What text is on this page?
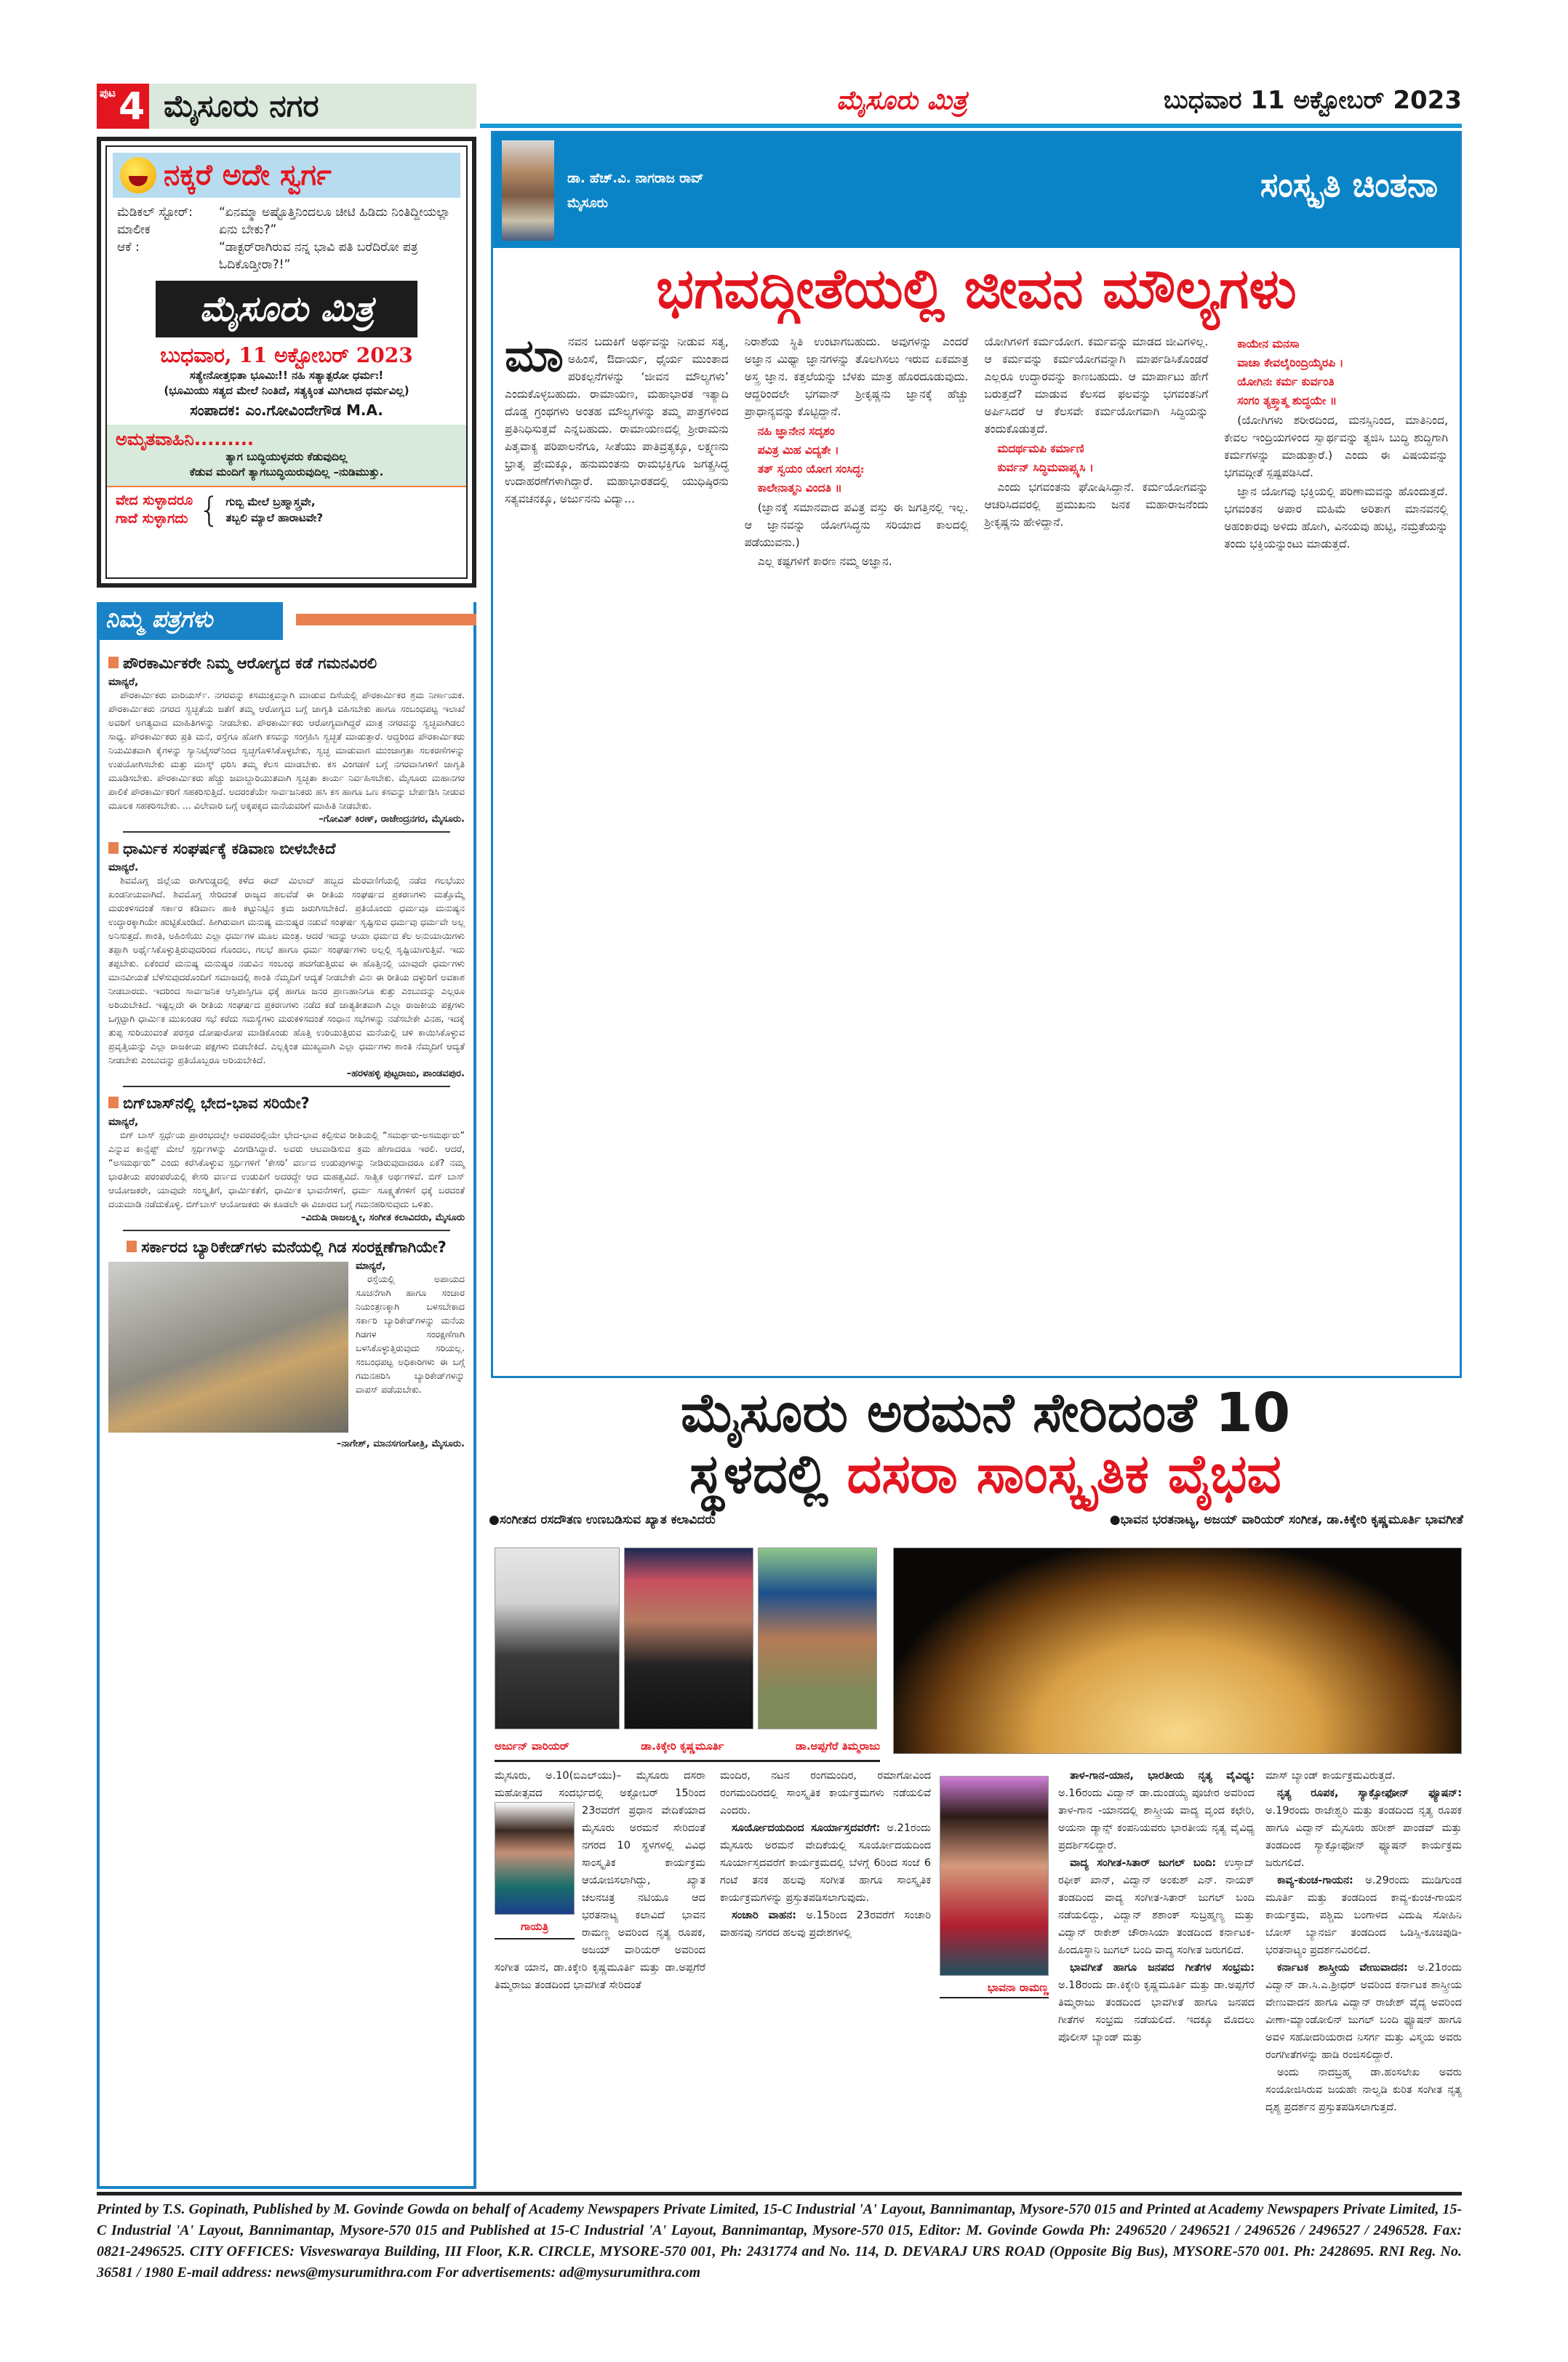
ಪುಟ 4 ಮೈಸೂರು ನಗರ	ಮೈಸೂರು ಮಿತ್ರ	ಬುಧವಾರ 11 ಅಕ್ಟೋಬರ್ 2023
ನಕ್ಕರೆ ಅದೇ ಸ್ವರ್ಗ
ಮೆಡಿಕಲ್ ಸ್ಟೋರ್: ಮಾಲೀಕ
“ಏನಮ್ಮಾ ಅಷ್ಟೊತ್ತಿನಿಂದಲೂ ಚೀಟಿ ಹಿಡಿದು ನಿಂತಿದ್ದೀಯಲ್ಲಾ ಏನು ಬೇಕು?”
ಆಕೆ :	“ಡಾಕ್ಟರ್‌ರಾಗಿರುವ ನನ್ನ ಭಾವಿ ಪತಿ ಬರೆದಿರೋ ಪತ್ರ ಓದಿಕೊಡ್ತೀರಾ?!”
ಮೈಸೂರು ಮಿತ್ರ
ಬುಧವಾರ, 11 ಅಕ್ಟೋಬರ್ 2023
ಸತ್ಯೇನೋತ್ತಭಿತಾ ಭೂಮಿಃ!! ನಹಿ ಸತ್ಯಾತ್ಪರೋ ಧರ್ಮಃ!
(ಭೂಮಿಯು ಸತ್ಯದ ಮೇಲೆ ನಿಂತಿದೆ, ಸತ್ಯಕ್ಕಿಂತ ಮಿಗಿಲಾದ ಧರ್ಮವಿಲ್ಲ)
ಸಂಪಾದಕ: ಎಂ.ಗೋವಿಂದೇಗೌಡ M.A.
ಅಮೃತವಾಹಿನಿ.........
ತ್ಯಾಗ ಬುದ್ಧಿಯುಳ್ಳವರು ಕೆಡುವುದಿಲ್ಲ
ಕೆಡುವ ಮಂದಿಗೆ ತ್ಯಾಗಬುದ್ಧಿಯಿರುವುದಿಲ್ಲ –ನುಡಿಮುತ್ತು.
ವೇದ ಸುಳ್ಳಾದರೂ
ಗಾದೆ ಸುಳ್ಳಾಗದು { ಗುಬ್ಬಿ ಮೇಲೆ ಬ್ರಹ್ಮಾಸ್ತ್ರವೇ,
ತಬ್ಬಲಿ ಮ್ಯಾಲೆ ಹಾರಾಟವೇ?
ನಿಮ್ಮ ಪತ್ರಗಳು
ಪೌರಕಾರ್ಮಿಕರೇ ನಿಮ್ಮ ಆರೋಗ್ಯದ ಕಡೆ ಗಮನವಿರಲಿ
ಮಾನ್ಯರೆ,

ಪೌರಕಾರ್ಮಿಕರು ವಾರಿಯರ್ಸ್. ನಗರವನ್ನು ಕಸಮುಕ್ತವನ್ನಾಗಿ ಮಾಡುವ ದಿಸೆಯಲ್ಲಿ ಪೌರಕಾರ್ಮಿಕರ ಶ್ರಮ ನಿರ್ಣಾಯಕ. ಪೌರಕಾರ್ಮಿಕರು ನಗರದ ಸ್ವಚ್ಛತೆಯ ಜತೆಗೆ ತಮ್ಮ ಆರೋಗ್ಯದ ಬಗ್ಗೆ ಜಾಗೃತಿ ವಹಿಸಬೇಕು ಹಾಗೂ ಸಂಬಂಧಪಟ್ಟ ಇಲಾಖೆ ಅವರಿಗೆ ಅಗತ್ಯವಾದ ಮಾಹಿತಿಗಳನ್ನು ನೀಡಬೇಕು. ಪೌರಕಾರ್ಮಿಕರು ಆರೋಗ್ಯವಾಗಿದ್ದರೆ ಮಾತ್ರ ನಗರವನ್ನು ಸ್ವಚ್ಛವಾಗಿಡಲು ಸಾಧ್ಯ. ಪೌರಕಾರ್ಮಿಕರು ಪ್ರತಿ ಮನೆ, ರಸ್ತೆಗೂ ಹೋಗಿ ಕಸವನ್ನು ಸಂಗ್ರಹಿಸಿ ಸ್ವಚ್ಛತೆ ಮಾಡುತ್ತಾರೆ. ಆದ್ದರಿಂದ ಪೌರಕಾರ್ಮಿಕರು ನಿಯಮಿತವಾಗಿ ಕೈಗಳನ್ನು ಸ್ಯಾನಿಟೈಸರ್‌ನಿಂದ ಸ್ವಚ್ಛಗೊಳಿಸಿಕೊಳ್ಳಬೇಕು, ಸ್ವಚ್ಛ ಮಾಡುವಾಗ ಮುಂಜಾಗ್ರತಾ ಸಲಕರಣೆಗಳನ್ನು ಉಪಯೋಗಿಸಬೇಕು ಮತ್ತು ಮಾಸ್ಕ್ ಧರಿಸಿ ತಮ್ಮ ಕೆಲಸ ಮಾಡಬೇಕು. ಕಸ ವಿಂಗಡಣೆ ಬಗ್ಗೆ ನಗರವಾಸಿಗಳಿಗೆ ಜಾಗೃತಿ ಮೂಡಿಸಬೇಕು. ಪೌರಕಾರ್ಮಿಕರು ಹೆಚ್ಚು ಜವಾಬ್ದಾರಿಯುತವಾಗಿ ಸ್ವಚ್ಛತಾ ಕಾರ್ಯ ನಿರ್ವಹಿಸಬೇಕು. ಮೈಸೂರು ಮಹಾನಗರ ಪಾಲಿಕೆ ಪೌರಕಾರ್ಮಿಕರಿಗೆ ಸಹಕರಿಸುತ್ತಿದೆ. ಅದರಂತೆಯೇ ಸಾರ್ವಜನಿಕರು ಹಸಿ ಕಸ ಹಾಗೂ ಒಣ ಕಸವನ್ನು ಬೇರ್ಪಡಿಸಿ ನೀಡುವ ಮೂಲಕ ಸಹಕರಿಸಬೇಕು. ... ವಿಲೇವಾರಿ ಬಗ್ಗೆ ಅಕ್ಕಪಕ್ಕದ ಮನೆಯವರಿಗೆ ಮಾಹಿತಿ ನೀಡಬೇಕು.

–ಗೋವಿತ್ ಕಿರಣ್, ರಾಜೇಂದ್ರನಗರ, ಮೈಸೂರು.
ಧಾರ್ಮಿಕ ಸಂಘರ್ಷಕ್ಕೆ ಕಡಿವಾಣ ಬೀಳಬೇಕಿದೆ
ಮಾನ್ಯರೆ.

ಶಿವಮೊಗ್ಗ ಜಿಲ್ಲೆಯ ರಾಗಿಗುಡ್ಡದಲ್ಲಿ ಕಳೆದ ಈದ್ ಮಿಲಾದ್ ಹಬ್ಬದ ಮೆರವಣಿಗೆಯಲ್ಲಿ ನಡೆದ ಗಲಭೆಯು ಖಂಡನೀಯವಾಗಿದೆ. ಶಿವಮೊಗ್ಗ ಸೇರಿದಂತೆ ರಾಜ್ಯದ ಹಲವೆಡೆ ಈ ರೀತಿಯ ಸಂಘರ್ಷದ ಪ್ರಕರಣಗಳು ಮತ್ತೊಮ್ಮೆ ಮರುಕಳಿಸದಂತೆ ಸರ್ಕಾರ ಕಡಿವಾಣ ಹಾಕಿ ಕಟ್ಟುನಿಟ್ಟಿನ ಕ್ರಮ ಜರುಗಿಸಬೇಕಿದೆ. ಪ್ರತಿಯೊಂದು ಧರ್ಮವೂ ಮನುಷ್ಯನ ಉದ್ಧಾರಕ್ಕಾಗಿಯೇ ಹುಟ್ಟಿಕೊಂಡಿದೆ. ಹೀಗಿರುವಾಗ ಮನುಷ್ಯ ಮನುಷ್ಯರ ನಡುವೆ ಸಂಘರ್ಷ ಸೃಷ್ಟಿಸುವ ಧರ್ಮವು ಧರ್ಮವೇ ಅಲ್ಲ ಅನಿಸುತ್ತದೆ. ಶಾಂತಿ, ಅಹಿಂಸೆಯು ಎಲ್ಲಾ ಧರ್ಮಗಳ ಮೂಲ ಮಂತ್ರ. ಆದರೆ ಇದನ್ನು ಆಯಾ ಧರ್ಮದ ಕೆಲ ಅನುಯಾಯಿಗಳು ತಪ್ಪಾಗಿ ಅರ್ಥೈಸಿಕೊಳ್ಳುತ್ತಿರುವುದರಿಂದ ಗೊಂದಲ, ಗಲಭೆ ಹಾಗೂ ಧರ್ಮ ಸಂಘರ್ಷಗಳು ಅಲ್ಲಲ್ಲಿ ಸೃಷ್ಟಿಯಾಗುತ್ತಿವೆ. ಇದು ತಪ್ಪಬೇಕು. ಏಕೆಂದರೆ ಮನುಷ್ಯ ಮನುಷ್ಯರ ನಡುವಿನ ಸಂಬಂಧ ಹದಗೆಡುತ್ತಿರುವ ಈ ಹೊತ್ತಿನಲ್ಲಿ ಯಾವುದೇ ಧರ್ಮಗಳು ಮಾನವೀಯತೆ ಬೆಳೆಸುವುದರೊಂದಿಗೆ ಸಮಾಜದಲ್ಲಿ ಶಾಂತಿ ನೆಮ್ಮದಿಗೆ ಆದ್ಯತೆ ನೀಡಬೇಕೇ ವಿನಃ ಈ ರೀತಿಯ ದಳ್ಳುರಿಗೆ ಅವಕಾಶ ನೀಡಬಾರದು. ಇದರಿಂದ ಸಾರ್ವಜನಿಕ ಆಸ್ತಿಪಾಸ್ತಿಗೂ ಧಕ್ಕೆ ಹಾಗೂ ಜನರ ಪ್ರಾಣಹಾನಿಗೂ ಕುತ್ತು ಎಂಬುದನ್ನು ಎಲ್ಲರೂ ಅರಿಯಬೇಕಿದೆ. ಇಷ್ಟಲ್ಲದೇ ಈ ರೀತಿಯ ಸಂಘರ್ಷದ ಪ್ರಕರಣಗಳು ನಡೆದ ಕಡೆ ಜಾತ್ಯತೀತವಾಗಿ ಎಲ್ಲಾ ರಾಜಕೀಯ ಪಕ್ಷಗಳು ಒಗ್ಗಟ್ಟಾಗಿ ಧಾರ್ಮಿಕ ಮುಖಂಡರ ಸಭೆ ಕರೆದು ಸಮಸ್ಯೆಗಳು ಮರುಕಳಿಸದಂತೆ ಸಂಧಾನ ಸಭೆಗಳನ್ನು ನಡೆಸಬೇಕೇ ವಿನಹ, ಇದಕ್ಕೆ ತುಪ್ಪ ಸುರಿಯುವಂತೆ ಪರಸ್ಪರ ದೋಷಾರೋಪ ಮಾಡಿಕೊಂಡು ಹೊತ್ತಿ ಉರಿಯುತ್ತಿರುವ ಮನೆಯಲ್ಲಿ ಚಳಿ ಕಾಯಿಸಿಕೊಳ್ಳುವ ಪ್ರವೃತ್ತಿಯನ್ನು ಎಲ್ಲಾ ರಾಜಕೀಯ ಪಕ್ಷಗಳು ಬಿಡಬೇಕಿದೆ. ಎಲ್ಲಕ್ಕಿಂತ ಮುಖ್ಯವಾಗಿ ಎಲ್ಲಾ ಧರ್ಮಗಳು ಶಾಂತಿ ನೆಮ್ಮದಿಗೆ ಆದ್ಯತೆ ನೀಡಬೇಕು ಎಂಬುದನ್ನು ಪ್ರತಿಯೊಬ್ಬರೂ ಅರಿಯಬೇಕಿದೆ.

–ಹರಳಹಳ್ಳಿ ಪುಟ್ಟರಾಜು, ಪಾಂಡವಪುರ.
ಬಿಗ್‌ಬಾಸ್‌ನಲ್ಲಿ ಭೇದ-ಭಾವ ಸರಿಯೇ?
ಮಾನ್ಯರೆ,

ಬಿಗ್ ಬಾಸ್ ಸ್ಪರ್ಧೆಯ ಪ್ರಾರಂಭದಲ್ಲೇ ಅವರವರಲ್ಲಿಯೇ ಭೇದ-ಭಾವ ಕಲ್ಪಿಸುವ ರೀತಿಯಲ್ಲಿ “ಸಮರ್ಥರು-ಅಸಮರ್ಥರು” ಎನ್ನುವ ಕಾನ್ಸೆಪ್ಟ್ ಮೇಲೆ ಸ್ಪರ್ಧಿಗಳನ್ನು ವಿಂಗಡಿಸಿದ್ದಾರೆ. ಅವರು ಆಟವಾಡಿಸುವ ಕ್ರಮ ಹೇಗಾದರೂ ಇರಲಿ. ಆದರೆ, “ಅಸಮರ್ಥರು” ಎಂದು ಕರೆಸಿಕೊಳ್ಳುವ ಸ್ಪರ್ಧಿಗಳಿಗೆ ‘ಕೇಸರಿ’ ವರ್ಣದ ಉಡುಪುಗಳನ್ನು ನೀಡಿರುವುದಾದರೂ ಏಕೆ? ನಮ್ಮ ಭಾರತೀಯ ಪರಂಪರೆಯಲ್ಲಿ ಕೇಸರಿ ವರ್ಣದ ಉಡುಪಿಗೆ ಅದರದ್ದೇ ಆದ ಮಹತ್ವವಿದೆ. ಸಾತ್ವಿಕ ಅರ್ಥಗಳಿವೆ. ಬಿಗ್ ಬಾಸ್ ಆಯೋಜಕರೇ, ಯಾವುದೇ ಸಂಸ್ಕೃತಿಗೆ, ಧಾರ್ಮಿಕತೆಗೆ, ಧಾರ್ಮಿಕ ಭಾವನೆಗಳಿಗೆ, ಧರ್ಮ ಸೂಕ್ಷ್ಮತೆಗಳಿಗೆ ಧಕ್ಕೆ ಬರದಂತೆ ದಯಮಾಡಿ ನಡೆದುಕೊಳ್ಳಿ. ಬಿಗ್‌ಬಾಸ್ ಆಯೋಜಕರು ಈ ಕೂಡಲೇ ಈ ವಿಚಾರದ ಬಗ್ಗೆ ಗಮನಹರಿಸುವುದು ಒಳಿತು.

–ವಿದುಷಿ ರಾಜಲಕ್ಷ್ಮೀ, ಸಂಗೀತ ಕಲಾವಿದರು, ಮೈಸೂರು
ಸರ್ಕಾರದ ಬ್ಯಾರಿಕೇಡ್‌ಗಳು ಮನೆಯಲ್ಲಿ ಗಿಡ ಸಂರಕ್ಷಣೆಗಾಗಿಯೇ?
ಮಾನ್ಯರೆ,

ರಸ್ತೆಯಲ್ಲಿ ಅಪಾಯದ ಸೂಚನೆಗಾಗಿ ಹಾಗೂ ಸಂಚಾರ ನಿಯಂತ್ರಣಕ್ಕಾಗಿ ಬಳಸಬೇಕಾದ ಸರ್ಕಾರಿ ಬ್ಯಾರಿಕೇಡ್‌ಗಳನ್ನು ಮನೆಯ ಗಿಡಗಳ ಸಂರಕ್ಷಣೆಗಾಗಿ ಬಳಸಿಕೊಳ್ಳುತ್ತಿರುವುದು ಸರಿಯಲ್ಲ. ಸಂಬಂಧಪಟ್ಟ ಅಧಿಕಾರಿಗಳು ಈ ಬಗ್ಗೆ ಗಮನಹರಿಸಿ ಬ್ಯಾರಿಕೇಡ್‌ಗಳನ್ನು ವಾಪಸ್ ಪಡೆಯಬೇಕು.

–ನಾಗೇಶ್, ಮಾನಸಗಂಗೋತ್ರಿ, ಮೈಸೂರು.
ಡಾ. ಹೆಚ್.ವಿ. ನಾಗರಾಜ ರಾವ್
ಮೈಸೂರು	ಸಂಸ್ಕೃತಿ ಚಿಂತನಾ
ಭಗವದ್ಗೀತೆಯಲ್ಲಿ ಜೀವನ ಮೌಲ್ಯಗಳು
ಮಾ ನವನ ಬದುಕಿಗೆ ಅರ್ಥವನ್ನು ನೀಡುವ ಸತ್ಯ, ಅಹಿಂಸೆ, ಔದಾರ್ಯ, ಧೈರ್ಯ ಮುಂತಾದ ಪರಿಕಲ್ಪನೆಗಳನ್ನು ‘ಜೀವನ ಮೌಲ್ಯಗಳು’ ಎಂದುಕೊಳ್ಳಬಹುದು. ರಾಮಾಯಣ, ಮಹಾಭಾರತ ಇತ್ಯಾದಿ ದೊಡ್ಡ ಗ್ರಂಥಗಳು ಅಂತಹ ಮೌಲ್ಯಗಳನ್ನು ತಮ್ಮ ಪಾತ್ರಗಳಿಂದ ಪ್ರತಿನಿಧಿಸುತ್ತವೆ ಎನ್ನಬಹುದು. ರಾಮಾಯಣದಲ್ಲಿ ಶ್ರೀರಾಮನು ಪಿತೃವಾಕ್ಯ ಪರಿಪಾಲನೆಗೂ, ಸೀತೆಯು ಪಾತಿವ್ರತ್ಯಕ್ಕೂ, ಲಕ್ಷ್ಮಣನು ಭ್ರಾತೃ ಪ್ರೇಮಕ್ಕೂ, ಹನುಮಂತನು ರಾಮಭಕ್ತಿಗೂ ಜಗತ್ಪ್ರಸಿದ್ಧ ಉದಾಹರಣೆಗಳಾಗಿದ್ದಾರೆ. ಮಹಾಭಾರತದಲ್ಲಿ ಯುಧಿಷ್ಠಿರನು ಸತ್ಯವಚನಕ್ಕೂ, ಅರ್ಜುನನು ವಿದ್ಯಾ...

ನಿರಾಶೆಯ ಸ್ಥಿತಿ ಉಂಟಾಗಬಹುದು. ಅವುಗಳನ್ನು ಎಂದರೆ ಅಜ್ಞಾನ ಮಿಥ್ಯಾ ಜ್ಞಾನಗಳನ್ನು ತೊಲಗಿಸಲು ಇರುವ ಏಕಮಾತ್ರ ಅಸ್ತ್ರ ಜ್ಞಾನ. ಕತ್ತಲೆಯನ್ನು ಬೆಳಕು ಮಾತ್ರ ಹೊರದೂಡುವುದು. ಆದ್ದರಿಂದಲೇ ಭಗವಾನ್ ಶ್ರೀಕೃಷ್ಣನು ಜ್ಞಾನಕ್ಕೆ ಹೆಚ್ಚು ಪ್ರಾಧಾನ್ಯವನ್ನು ಕೊಟ್ಟಿದ್ದಾನೆ.

ನಹಿ ಜ್ಞಾನೇನ ಸದೃಶಂ
ಪವಿತ್ರ ಮಿಹ ವಿದ್ಯತೇ ।
ತತ್ ಸ್ವಯಂ ಯೋಗ ಸಂಸಿದ್ಧಃ
ಕಾಲೇನಾತ್ಮನಿ ವಿಂದತಿ ॥

(ಜ್ಞಾನಕ್ಕೆ ಸಮಾನವಾದ ಪವಿತ್ರ ವಸ್ತು ಈ ಜಗತ್ತಿನಲ್ಲಿ ಇಲ್ಲ. ಆ ಜ್ಞಾನವನ್ನು ಯೋಗಸಿದ್ಧನು ಸರಿಯಾದ ಕಾಲದಲ್ಲಿ ಪಡೆಯುವನು.)

ಎಲ್ಲ ಕಷ್ಟಗಳಿಗೆ ಕಾರಣ ನಮ್ಮ ಅಜ್ಞಾನ.

ಯೋಗಿಗಳಿಗೆ ಕರ್ಮಯೋಗ. ಕರ್ಮವನ್ನು ಮಾಡದ ಜೀವಿಗಳಿಲ್ಲ. ಆ ಕರ್ಮವನ್ನು ಕರ್ಮಯೋಗವನ್ನಾಗಿ ಮಾರ್ಪಡಿಸಿಕೊಂಡರೆ ಎಲ್ಲರೂ ಉದ್ಧಾರವನ್ನು ಕಾಣಬಹುದು. ಆ ಮಾರ್ಪಾಟು ಹೇಗೆ ಬರುತ್ತದೆ? ಮಾಡುವ ಕೆಲಸದ ಫಲವನ್ನು ಭಗವಂತನಿಗೆ ಅರ್ಪಿಸಿದರೆ ಆ ಕೆಲಸವೇ ಕರ್ಮಯೋಗವಾಗಿ ಸಿದ್ಧಿಯನ್ನು ತಂದುಕೊಡುತ್ತದೆ.

ಮದರ್ಥಮಪಿ ಕರ್ಮಾಣಿ
ಕುರ್ವನ್ ಸಿದ್ಧಿಮವಾಪ್ಸ್ಯಸಿ ।

ಎಂದು ಭಗವಂತನು ಘೋಷಿಸಿದ್ದಾನೆ. ಕರ್ಮಯೋಗವನ್ನು ಆಚರಿಸಿದವರಲ್ಲಿ ಪ್ರಮುಖನು ಜನಕ ಮಹಾರಾಜನೆಂದು ಶ್ರೀಕೃಷ್ಣನು ಹೇಳಿದ್ದಾನೆ.

ಕಾಯೇನ ಮನಸಾ
ವಾಚಾ ಕೇವಲೈರಿಂದ್ರಿಯೈರಪಿ ।
ಯೋಗಿನಃ ಕರ್ಮ ಕುರ್ವಂತಿ
ಸಂಗಂ ತ್ಯಕ್ತ್ವಾತ್ಮ ಶುದ್ಧಯೇ ॥

(ಯೋಗಿಗಳು ಶರೀರದಿಂದ, ಮನಸ್ಸಿನಿಂದ, ಮಾತಿನಿಂದ, ಕೇವಲ ಇಂದ್ರಿಯಗಳಿಂದ ಸ್ವಾರ್ಥವನ್ನು ತ್ಯಜಿಸಿ ಬುದ್ಧಿ ಶುದ್ಧಿಗಾಗಿ ಕರ್ಮಗಳನ್ನು ಮಾಡುತ್ತಾರೆ.) ಎಂದು ಈ ವಿಷಯವನ್ನು ಭಗವದ್ಗೀತೆ ಸ್ಪಷ್ಟಪಡಿಸಿದೆ.

ಜ್ಞಾನ ಯೋಗವು ಭಕ್ತಿಯಲ್ಲಿ ಪರಿಣಾಮವನ್ನು ಹೊಂದುತ್ತದೆ. ಭಗವಂತನ ಅಪಾರ ಮಹಿಮೆ ಅರಿತಾಗ ಮಾನವನಲ್ಲಿ ಅಹಂಕಾರವು ಅಳಿದು ಹೋಗಿ, ವಿನಯವು ಹುಟ್ಟಿ, ನಮ್ರತೆಯನ್ನು ತಂದು ಭಕ್ತಿಯನ್ನುಂಟು ಮಾಡುತ್ತದೆ.

ಮೈಸೂರು ಅರಮನೆ ಸೇರಿದಂತೆ 10
ಸ್ಥಳದಲ್ಲಿ ದಸರಾ ಸಾಂಸ್ಕೃತಿಕ ವೈಭವ
●ಸಂಗೀತದ ರಸದೌತಣ ಉಣಬಡಿಸುವ ಖ್ಯಾತ ಕಲಾವಿದರು	●ಭಾವನ ಭರತನಾಟ್ಯ, ಅಜಯ್ ವಾರಿಯರ್ ಸಂಗೀತ, ಡಾ.ಕಿಕ್ಕೇರಿ ಕೃಷ್ಣಮೂರ್ತಿ ಭಾವಗೀತೆ
ಅರ್ಜುನ್ ವಾರಿಯರ್	ಡಾ.ಕಿಕ್ಕೇರಿ ಕೃಷ್ಣಮೂರ್ತಿ	ಡಾ.ಅಪ್ಪಗೆರೆ ತಿಮ್ಮರಾಜು
ಗಾಯತ್ರಿ

ಮೈಸೂರು, ಅ.10(ಬಿಎಲ್‌ಯು)– ಮೈಸೂರು ದಸರಾ ಮಹೋತ್ಸವದ ಸಂದರ್ಭದಲ್ಲಿ ಅಕ್ಟೋಬರ್ 15ರಿಂದ 23ರವರೆಗೆ ಪ್ರಧಾನ ವೇದಿಕೆಯಾದ ಮೈಸೂರು ಅರಮನೆ ಸೇರಿದಂತೆ ನಗರದ 10 ಸ್ಥಳಗಳಲ್ಲಿ ವಿವಿಧ ಸಾಂಸ್ಕೃತಿಕ ಕಾರ್ಯಕ್ರಮ ಆಯೋಜಿಸಲಾಗಿದ್ದು, ಖ್ಯಾತ ಚಲನಚಿತ್ರ ನಟಿಯೂ ಆದ ಭರತನಾಟ್ಯ ಕಲಾವಿದೆ ಭಾವನ ರಾಮಣ್ಣ ಅವರಿಂದ ನೃತ್ಯ ರೂಪಕ, ಅಜಯ್ ವಾರಿಯರ್ ಅವರಿಂದ ಸಂಗೀತ ಯಾನ, ಡಾ.ಕಿಕ್ಕೇರಿ ಕೃಷ್ಣಮೂರ್ತಿ ಮತ್ತು ಡಾ.ಅಪ್ಪಗೆರೆ ತಿಮ್ಮರಾಜು ತಂಡದಿಂದ ಭಾವಗೀತೆ ಸೇರಿದಂತೆ

ಮಂದಿರ, ನಟನ ರಂಗಮಂದಿರ, ರಮಾಗೋವಿಂದ ರಂಗಮಂದಿರದಲ್ಲಿ ಸಾಂಸ್ಕೃತಿಕ ಕಾರ್ಯಕ್ರಮಗಳು ನಡೆಯಲಿವೆ ಎಂದರು.

ಸೂರ್ಯೋದಯದಿಂದ ಸೂರ್ಯಾಸ್ತದವರೆಗೆ: ಅ.21ರಂದು ಮೈಸೂರು ಅರಮನೆ ವೇದಿಕೆಯಲ್ಲಿ ಸೂರ್ಯೋದಯದಿಂದ ಸೂರ್ಯಾಸ್ತದವರೆಗೆ ಕಾರ್ಯಕ್ರಮದಲ್ಲಿ ಬೆಳಗ್ಗೆ 6ರಿಂದ ಸಂಜೆ 6 ಗಂಟೆ ತನಕ ಹಲವು ಸಂಗೀತ ಹಾಗೂ ಸಾಂಸ್ಕೃತಿಕ ಕಾರ್ಯಕ್ರಮಗಳನ್ನು ಪ್ರಸ್ತುತಪಡಿಸಲಾಗುವುದು.

ಸಂಚಾರಿ ವಾಹನ: ಅ.15ರಿಂದ 23ರವರೆಗೆ ಸಂಚಾರಿ ವಾಹನವು ನಗರದ ಹಲವು ಪ್ರದೇಶಗಳಲ್ಲಿ

ಭಾವನಾ ರಾಮಣ್ಣ

ತಾಳ-ಗಾನ-ಯಾನ, ಭಾರತೀಯ ನೃತ್ಯ ವೈವಿಧ್ಯ: ಅ.16ರಂದು ವಿದ್ವಾನ್ ಡಾ.ದುಂಡಯ್ಯ ಪೂಜೇರ ಅವರಿಂದ ತಾಳ-ಗಾನ -ಯಾನದಲ್ಲಿ ಶಾಸ್ತ್ರೀಯ ವಾದ್ಯ ವೃಂದ ಕಛೇರಿ, ಅಯನಾ ಡ್ಯಾನ್ಸ್ ಕಂಪನಿಯವರು ಭಾರತೀಯ ನೃತ್ಯ ವೈವಿಧ್ಯ ಪ್ರದರ್ಶಿಸಲಿದ್ದಾರೆ.

ವಾದ್ಯ ಸಂಗೀತ-ಸಿತಾರ್ ಜುಗಲ್ ಬಂದಿ: ಉಸ್ತಾದ್ ರಫೀಕ್ ಖಾನ್, ವಿದ್ವಾನ್ ಅಂಕುಶ್ ಎನ್. ನಾಯಕ್ ತಂಡದಿಂದ ವಾದ್ಯ ಸಂಗೀತ-ಸಿತಾರ್ ಜುಗಲ್ ಬಂದಿ ನಡೆಯಲಿದ್ದು, ವಿದ್ವಾನ್ ಶಶಾಂಕ್ ಸುಬ್ರಹ್ಮಣ್ಯ ಮತ್ತು ವಿದ್ವಾನ್ ರಾಕೇಶ್ ಚೌರಾಸಿಯಾ ತಂಡದಿಂದ ಕರ್ನಾಟಕ-ಹಿಂದೂಸ್ಥಾನಿ ಜುಗಲ್ ಬಂದಿ ವಾದ್ಯ ಸಂಗೀತ ಜರುಗಲಿದೆ.

ಭಾವಗೀತೆ ಹಾಗೂ ಜನಪದ ಗೀತೆಗಳ ಸಂಭ್ರಮ: ಅ.18ರಂದು ಡಾ.ಕಿಕ್ಕೇರಿ ಕೃಷ್ಣಮೂರ್ತಿ ಮತ್ತು ಡಾ.ಅಪ್ಪಗೆರೆ ತಿಮ್ಮರಾಜು ತಂಡದಿಂದ ಭಾವಗೀತೆ ಹಾಗೂ ಜನಪದ ಗೀತೆಗಳ ಸಂಭ್ರಮ ನಡೆಯಲಿದೆ. ಇದಕ್ಕೂ ಮೊದಲು ಪೊಲೀಸ್ ಬ್ಯಾಂಡ್ ಮತ್ತು

ಮಾಸ್ ಬ್ಯಾಂಡ್ ಕಾರ್ಯಕ್ರಮವಿರುತ್ತದೆ.

ನೃತ್ಯ ರೂಪಕ, ಸ್ಯಾಕ್ಸೋಫೋನ್ ಫ್ಯೂಷನ್: ಅ.19ರಂದು ರಾಜೇಶ್ವರಿ ಮತ್ತು ತಂಡದಿಂದ ನೃತ್ಯ ರೂಪಕ ಹಾಗೂ ವಿದ್ವಾನ್ ಮೈಸೂರು ಹರೀಶ್ ಪಾಂಡವ್ ಮತ್ತು ತಂಡದಿಂದ ಸ್ಯಾಕ್ಸೋಫೋನ್ ಫ್ಯೂಷನ್ ಕಾರ್ಯಕ್ರಮ ಜರುಗಲಿದೆ.

ಕಾವ್ಯ-ಕುಂಚ-ಗಾಯನ: ಅ.29ರಂದು ಮುಡಿಗುಂಡ ಮೂರ್ತಿ ಮತ್ತು ತಂಡದಿಂದ ಕಾವ್ಯ-ಕುಂಚ-ಗಾಯನ ಕಾರ್ಯಕ್ರಮ, ಪಶ್ಚಿಮ ಬಂಗಾಳದ ವಿದುಷಿ ಸೋಹಿನಿ ಬೋಸ್ ಬ್ಯಾನರ್ಜಿ ತಂಡದಿಂದ ಒಡಿಸ್ಸಿ-ಕೂಚಿಪುಡಿ-ಭರತನಾಟ್ಯಂ ಪ್ರದರ್ಶನವಿರಲಿದೆ.

ಕರ್ನಾಟಕ ಶಾಸ್ತ್ರೀಯ ವೇಣುವಾದನ: ಅ.21ರಂದು ವಿದ್ವಾನ್ ಡಾ.ಸಿ.ಎ.ಶ್ರೀಧರ್ ಅವರಿಂದ ಕರ್ನಾಟಕ ಶಾಸ್ತ್ರೀಯ ವೇಣುವಾದನ ಹಾಗೂ ವಿದ್ವಾನ್ ರಾಜೇಶ್ ವೈದ್ಯ ಅವರಿಂದ ವೀಣಾ-ಮ್ಯಾಂಡೋಲಿನ್ ಜುಗಲ್ ಬಂದಿ ಫ್ಯೂಷನ್ ಹಾಗೂ ಅವಳಿ ಸಹೋದರಿಯರಾದ ನಿಸರ್ಗ ಮತ್ತು ವಿಸ್ಮಯ ಅವರು ರಂಗಗೀತೆಗಳನ್ನು ಹಾಡಿ ರಂಜಿಸಲಿದ್ದಾರೆ.

ಅಂದು ನಾದಬ್ರಹ್ಮ ಡಾ.ಹಂಸಲೇಖ ಅವರು ಸಂಯೋಜಿಸಿರುವ ಜಯಹೇ ನಾಲ್ವಡಿ ಕುರಿತ ಸಂಗೀತ ನೃತ್ಯ ದೃಶ್ಯ ಪ್ರದರ್ಶನ ಪ್ರಸ್ತುತಪಡಿಸಲಾಗುತ್ತದೆ.

Printed by T.S. Gopinath, Published by M. Govinde Gowda on behalf of Academy Newspapers Private Limited, 15-C Industrial 'A' Layout, Bannimantap, Mysore-570 015 and Printed at Academy Newspapers Private Limited, 15-C Industrial 'A' Layout, Bannimantap, Mysore-570 015 and Published at 15-C Industrial 'A' Layout, Bannimantap, Mysore-570 015, Editor: M. Govinde Gowda Ph: 2496520 / 2496521 / 2496526 / 2496527 / 2496528. Fax: 0821-2496525. CITY OFFICES: Visveswaraya Building, III Floor, K.R. CIRCLE, MYSORE-570 001, Ph: 2431774 and No. 114, D. DEVARAJ URS ROAD (Opposite Big Bus), MYSORE-570 001. Ph: 2428695. RNI Reg. No. 36581 / 1980 E-mail address: news@mysurumithra.com For advertisements: ad@mysurumithra.com
